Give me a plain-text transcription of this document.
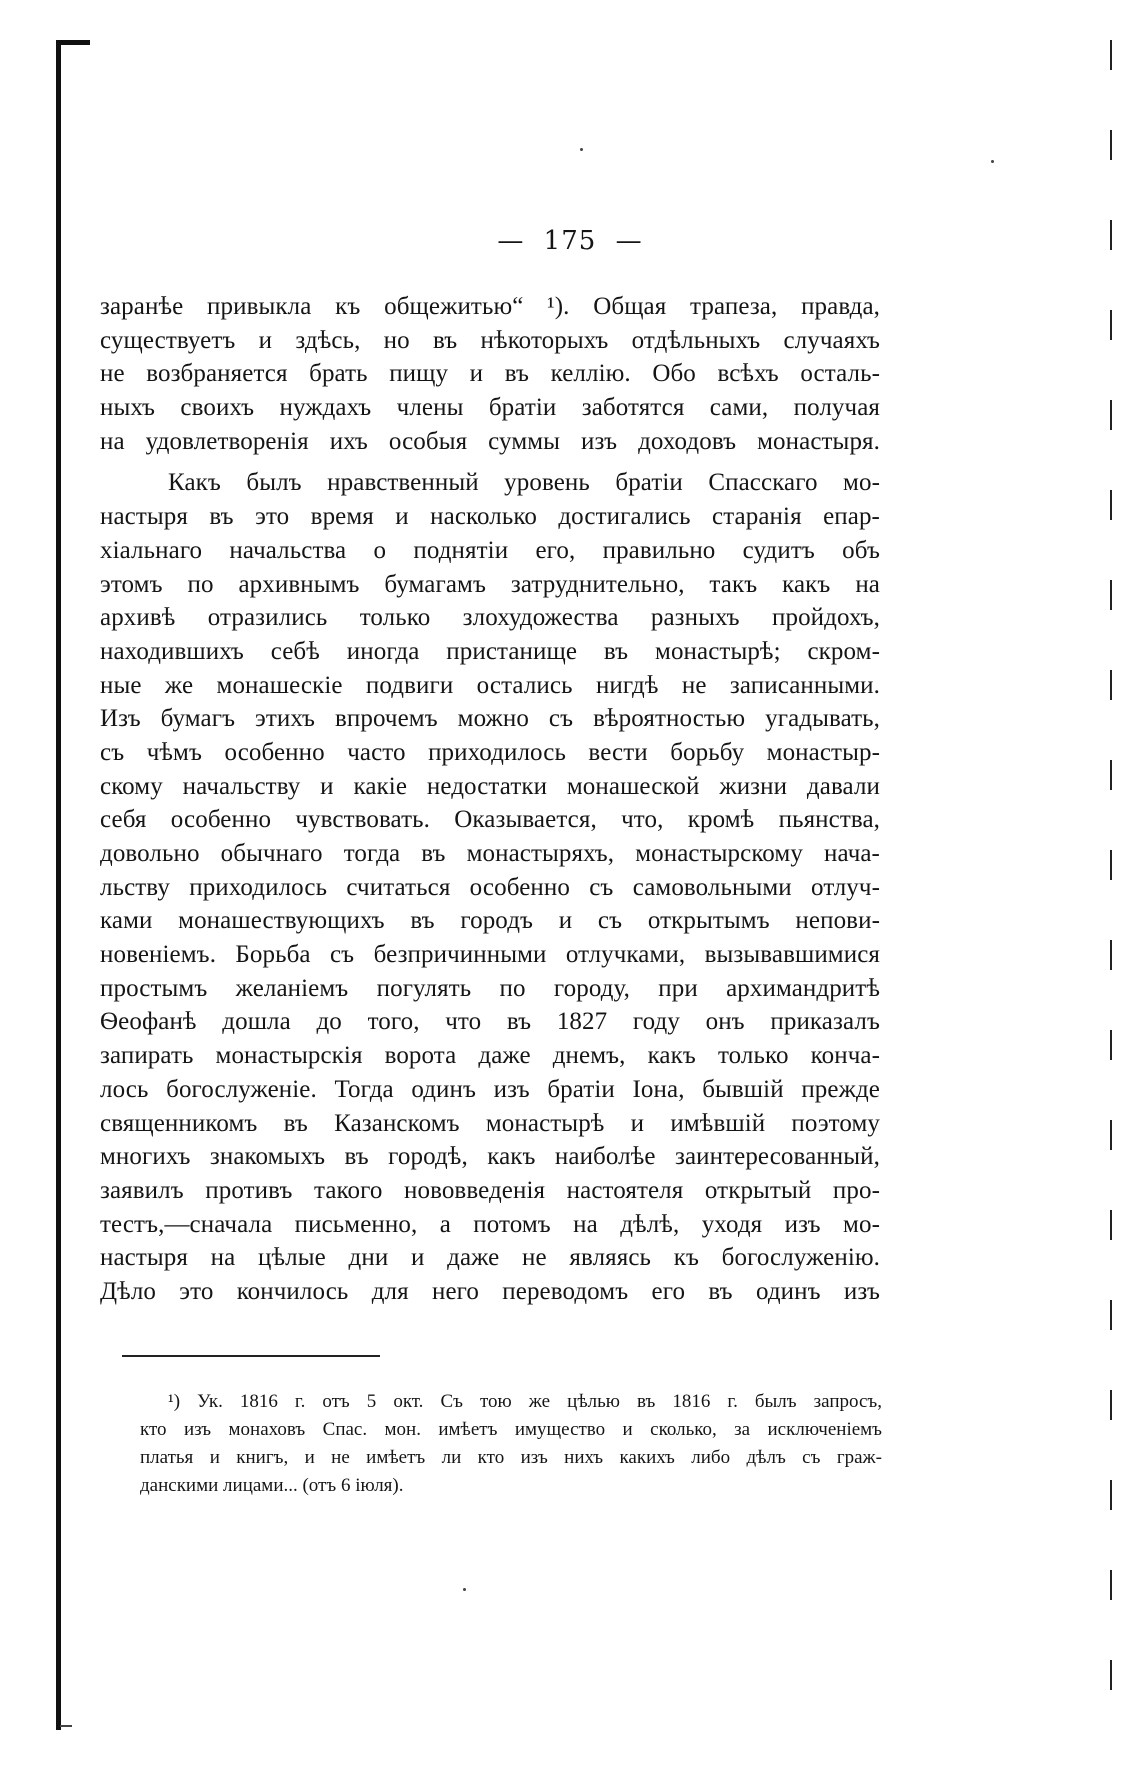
— 175 —
заранѣе привыкла къ общежитью“ ¹). Общая трапеза, правда,
существуетъ и здѣсь, но въ нѣкоторыхъ отдѣльныхъ случаяхъ
не возбраняется брать пищу и въ келлію. Обо всѣхъ осталь-
ныхъ своихъ нуждахъ члены братіи заботятся сами, получая
на удовлетворенія ихъ особыя суммы изъ доходовъ монастыря.
Какъ былъ нравственный уровень братіи Спасскаго мо-
настыря въ это время и насколько достигались старанія епар-
хіальнаго начальства о поднятіи его, правильно судитъ объ
этомъ по архивнымъ бумагамъ затруднительно, такъ какъ на
архивѣ отразились только злохудожества разныхъ пройдохъ,
находившихъ себѣ иногда пристанище въ монастырѣ; скром-
ные же монашескіе подвиги остались нигдѣ не записанными.
Изъ бумагъ этихъ впрочемъ можно съ вѣроятностью угадывать,
съ чѣмъ особенно часто приходилось вести борьбу монастыр-
скому начальству и какіе недостатки монашеской жизни давали
себя особенно чувствовать. Оказывается, что, кромѣ пьянства,
довольно обычнаго тогда въ монастыряхъ, монастырскому нача-
льству приходилось считаться особенно съ самовольными отлуч-
ками монашествующихъ въ городъ и съ открытымъ непови-
новеніемъ. Борьба съ безпричинными отлучками, вызывавшимися
простымъ желаніемъ погулять по городу, при архимандритѣ
Ѳеофанѣ дошла до того, что въ 1827 году онъ приказалъ
запирать монастырскія ворота даже днемъ, какъ только конча-
лось богослуженіе. Тогда одинъ изъ братіи Іона, бывшій прежде
священникомъ въ Казанскомъ монастырѣ и имѣвшій поэтому
многихъ знакомыхъ въ городѣ, какъ наиболѣе заинтересованный,
заявилъ противъ такого нововведенія настоятеля открытый про-
тестъ,—сначала письменно, а потомъ на дѣлѣ, уходя изъ мо-
настыря на цѣлые дни и даже не являясь къ богослуженію.
Дѣло это кончилось для него переводомъ его въ одинъ изъ
¹) Ук. 1816 г. отъ 5 окт. Съ тою же цѣлью въ 1816 г. былъ запросъ,
кто изъ монаховъ Спас. мон. имѣетъ имущество и сколько, за исключеніемъ
платья и книгъ, и не имѣетъ ли кто изъ нихъ какихъ либо дѣлъ съ граж-
данскими лицами... (отъ 6 іюля).
